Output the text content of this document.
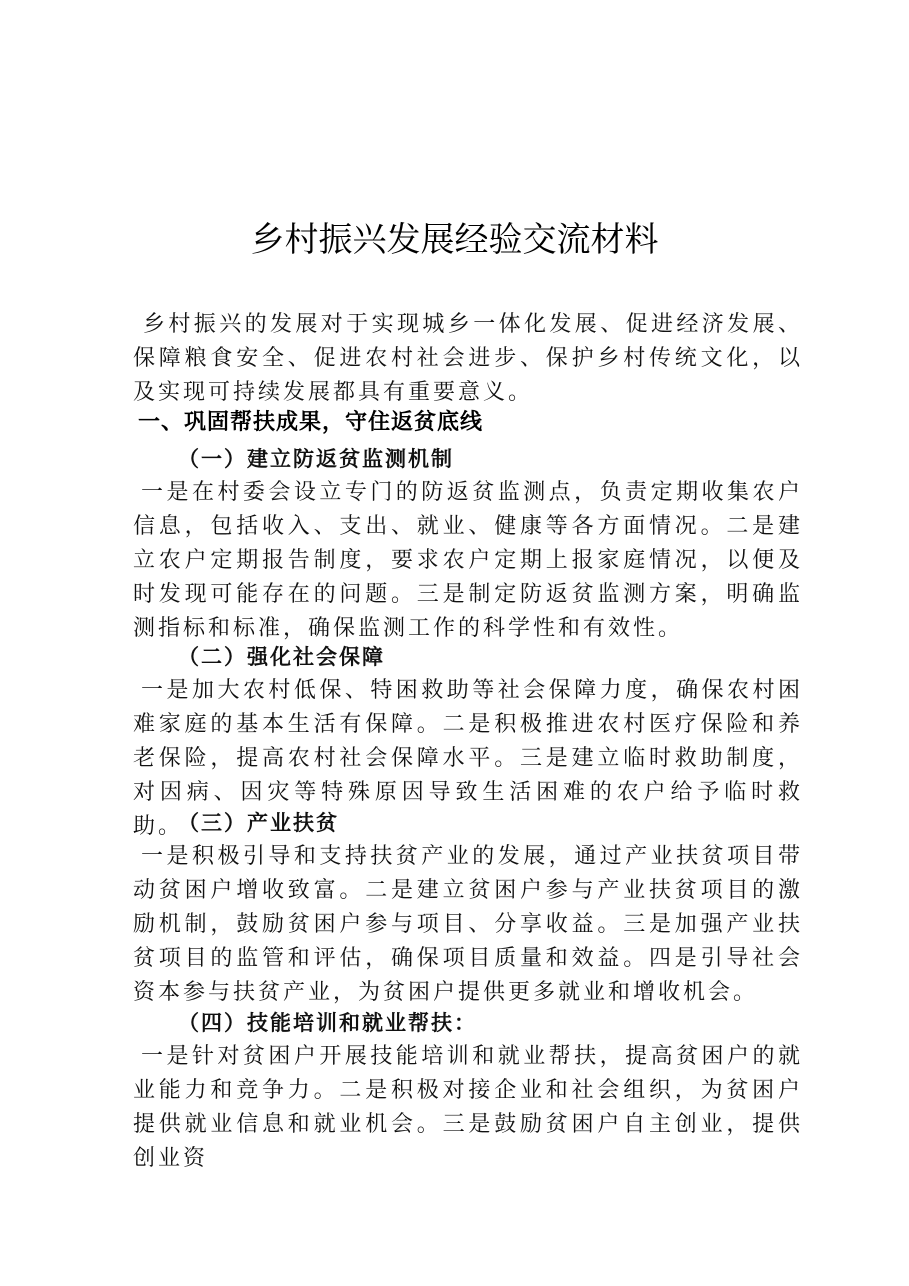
乡村振兴发展经验交流材料

乡村振兴的发展对于实现城乡一体化发展、促进经济发展、保障粮食安全、促进农村社会进步、保护乡村传统文化，以及实现可持续发展都具有重要意义。

一、巩固帮扶成果，守住返贫底线
（一）建立防返贫监测机制

一是在村委会设立专门的防返贫监测点，负责定期收集农户信息，包括收入、支出、就业、健康等各方面情况。二是建立农户定期报告制度，要求农户定期上报家庭情况，以便及时发现可能存在的问题。三是制定防返贫监测方案，明确监测指标和标准，确保监测工作的科学性和有效性。

（二）强化社会保障

一是加大农村低保、特困救助等社会保障力度，确保农村困难家庭的基本生活有保障。二是积极推进农村医疗保险和养老保险，提高农村社会保障水平。三是建立临时救助制度，对因病、因灾等特殊原因导致生活困难的农户给予临时救助。

（三）产业扶贫

一是积极引导和支持扶贫产业的发展，通过产业扶贫项目带动贫困户增收致富。二是建立贫困户参与产业扶贫项目的激励机制，鼓励贫困户参与项目、分享收益。三是加强产业扶贫项目的监管和评估，确保项目质量和效益。四是引导社会资本参与扶贫产业，为贫困户提供更多就业和增收机会。

（四）技能培训和就业帮扶：

一是针对贫困户开展技能培训和就业帮扶，提高贫困户的就业能力和竞争力。二是积极对接企业和社会组织，为贫困户提供就业信息和就业机会。三是鼓励贫困户自主创业，提供创业资
